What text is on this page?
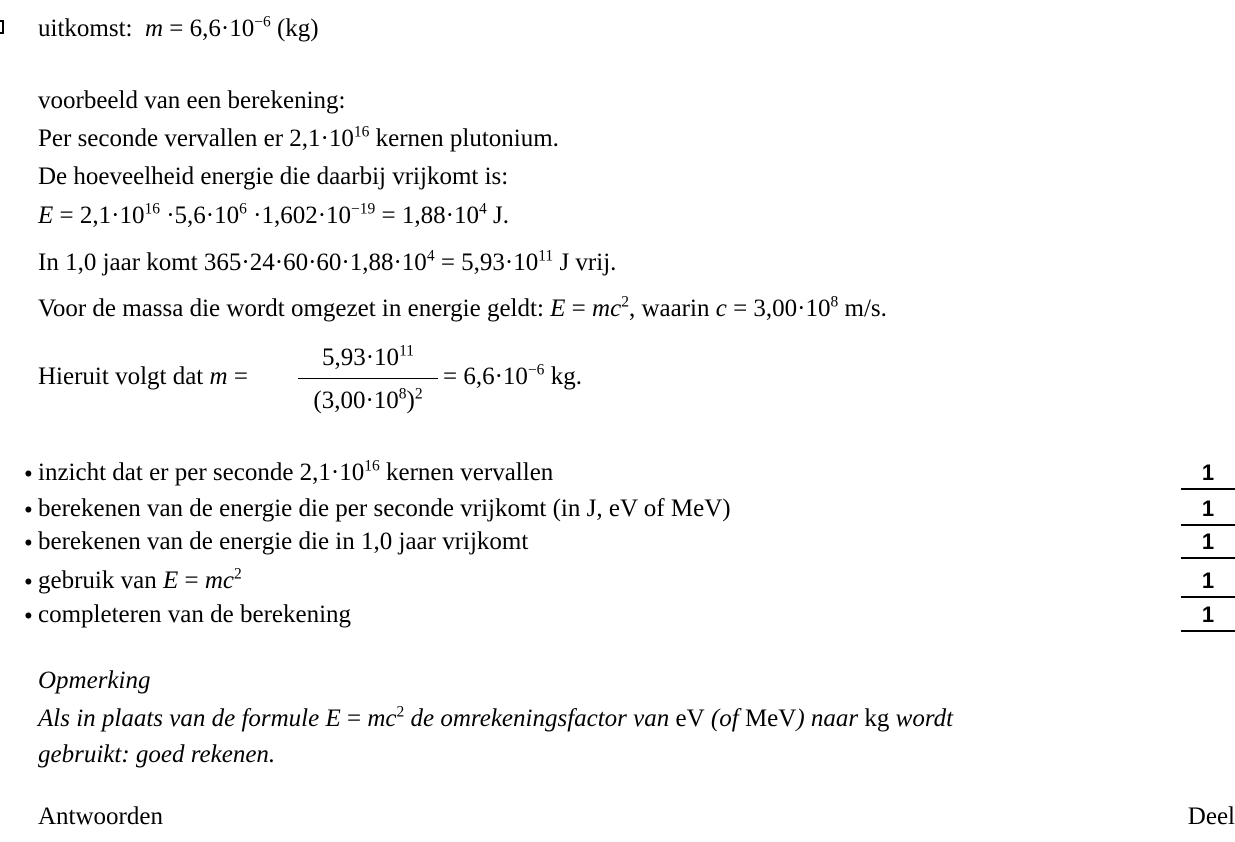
uitkomst: $m = 6,6\cdot 10^{-6}$ (kg)
voorbeeld van een berekening:
Per seconde vervallen er $2,1\cdot 10^{16}$ kernen plutonium.
De hoeveelheid energie die daarbij vrijkomt is:
$E = 2,1\cdot 10^{16} \cdot 5,6\cdot 10^6 \cdot 1,602\cdot 10^{-19} = 1,88\cdot 10^4$ J.
In 1,0 jaar komt $365\cdot 24\cdot 60\cdot 60\cdot 1,88\cdot 10^4 = 5,93\cdot 10^{11}$ J vrij.
Voor de massa die wordt omgezet in energie geldt: $E = mc^2$, waarin $c = 3,00\cdot 10^8$ m/s.
Hieruit volgt dat m =
$5,93\cdot 10^{11}$
$(3,00\cdot 10^8)^2$
= $6,6\cdot 10^{-6}$ kg.
• inzicht dat er per seconde $2,1\cdot 10^{16}$ kernen vervallen	1
• berekenen van de energie die per seconde vrijkomt (in J, eV of MeV)	1
• berekenen van de energie die in 1,0 jaar vrijkomt	1
• gebruik van $E = mc^2$	1
• completeren van de berekening	1
Opmerking
Als in plaats van de formule $E = mc^2$ de omrekeningsfactor van eV (of MeV) naar kg wordt
gebruikt: goed rekenen.
Antwoorden	Deel
